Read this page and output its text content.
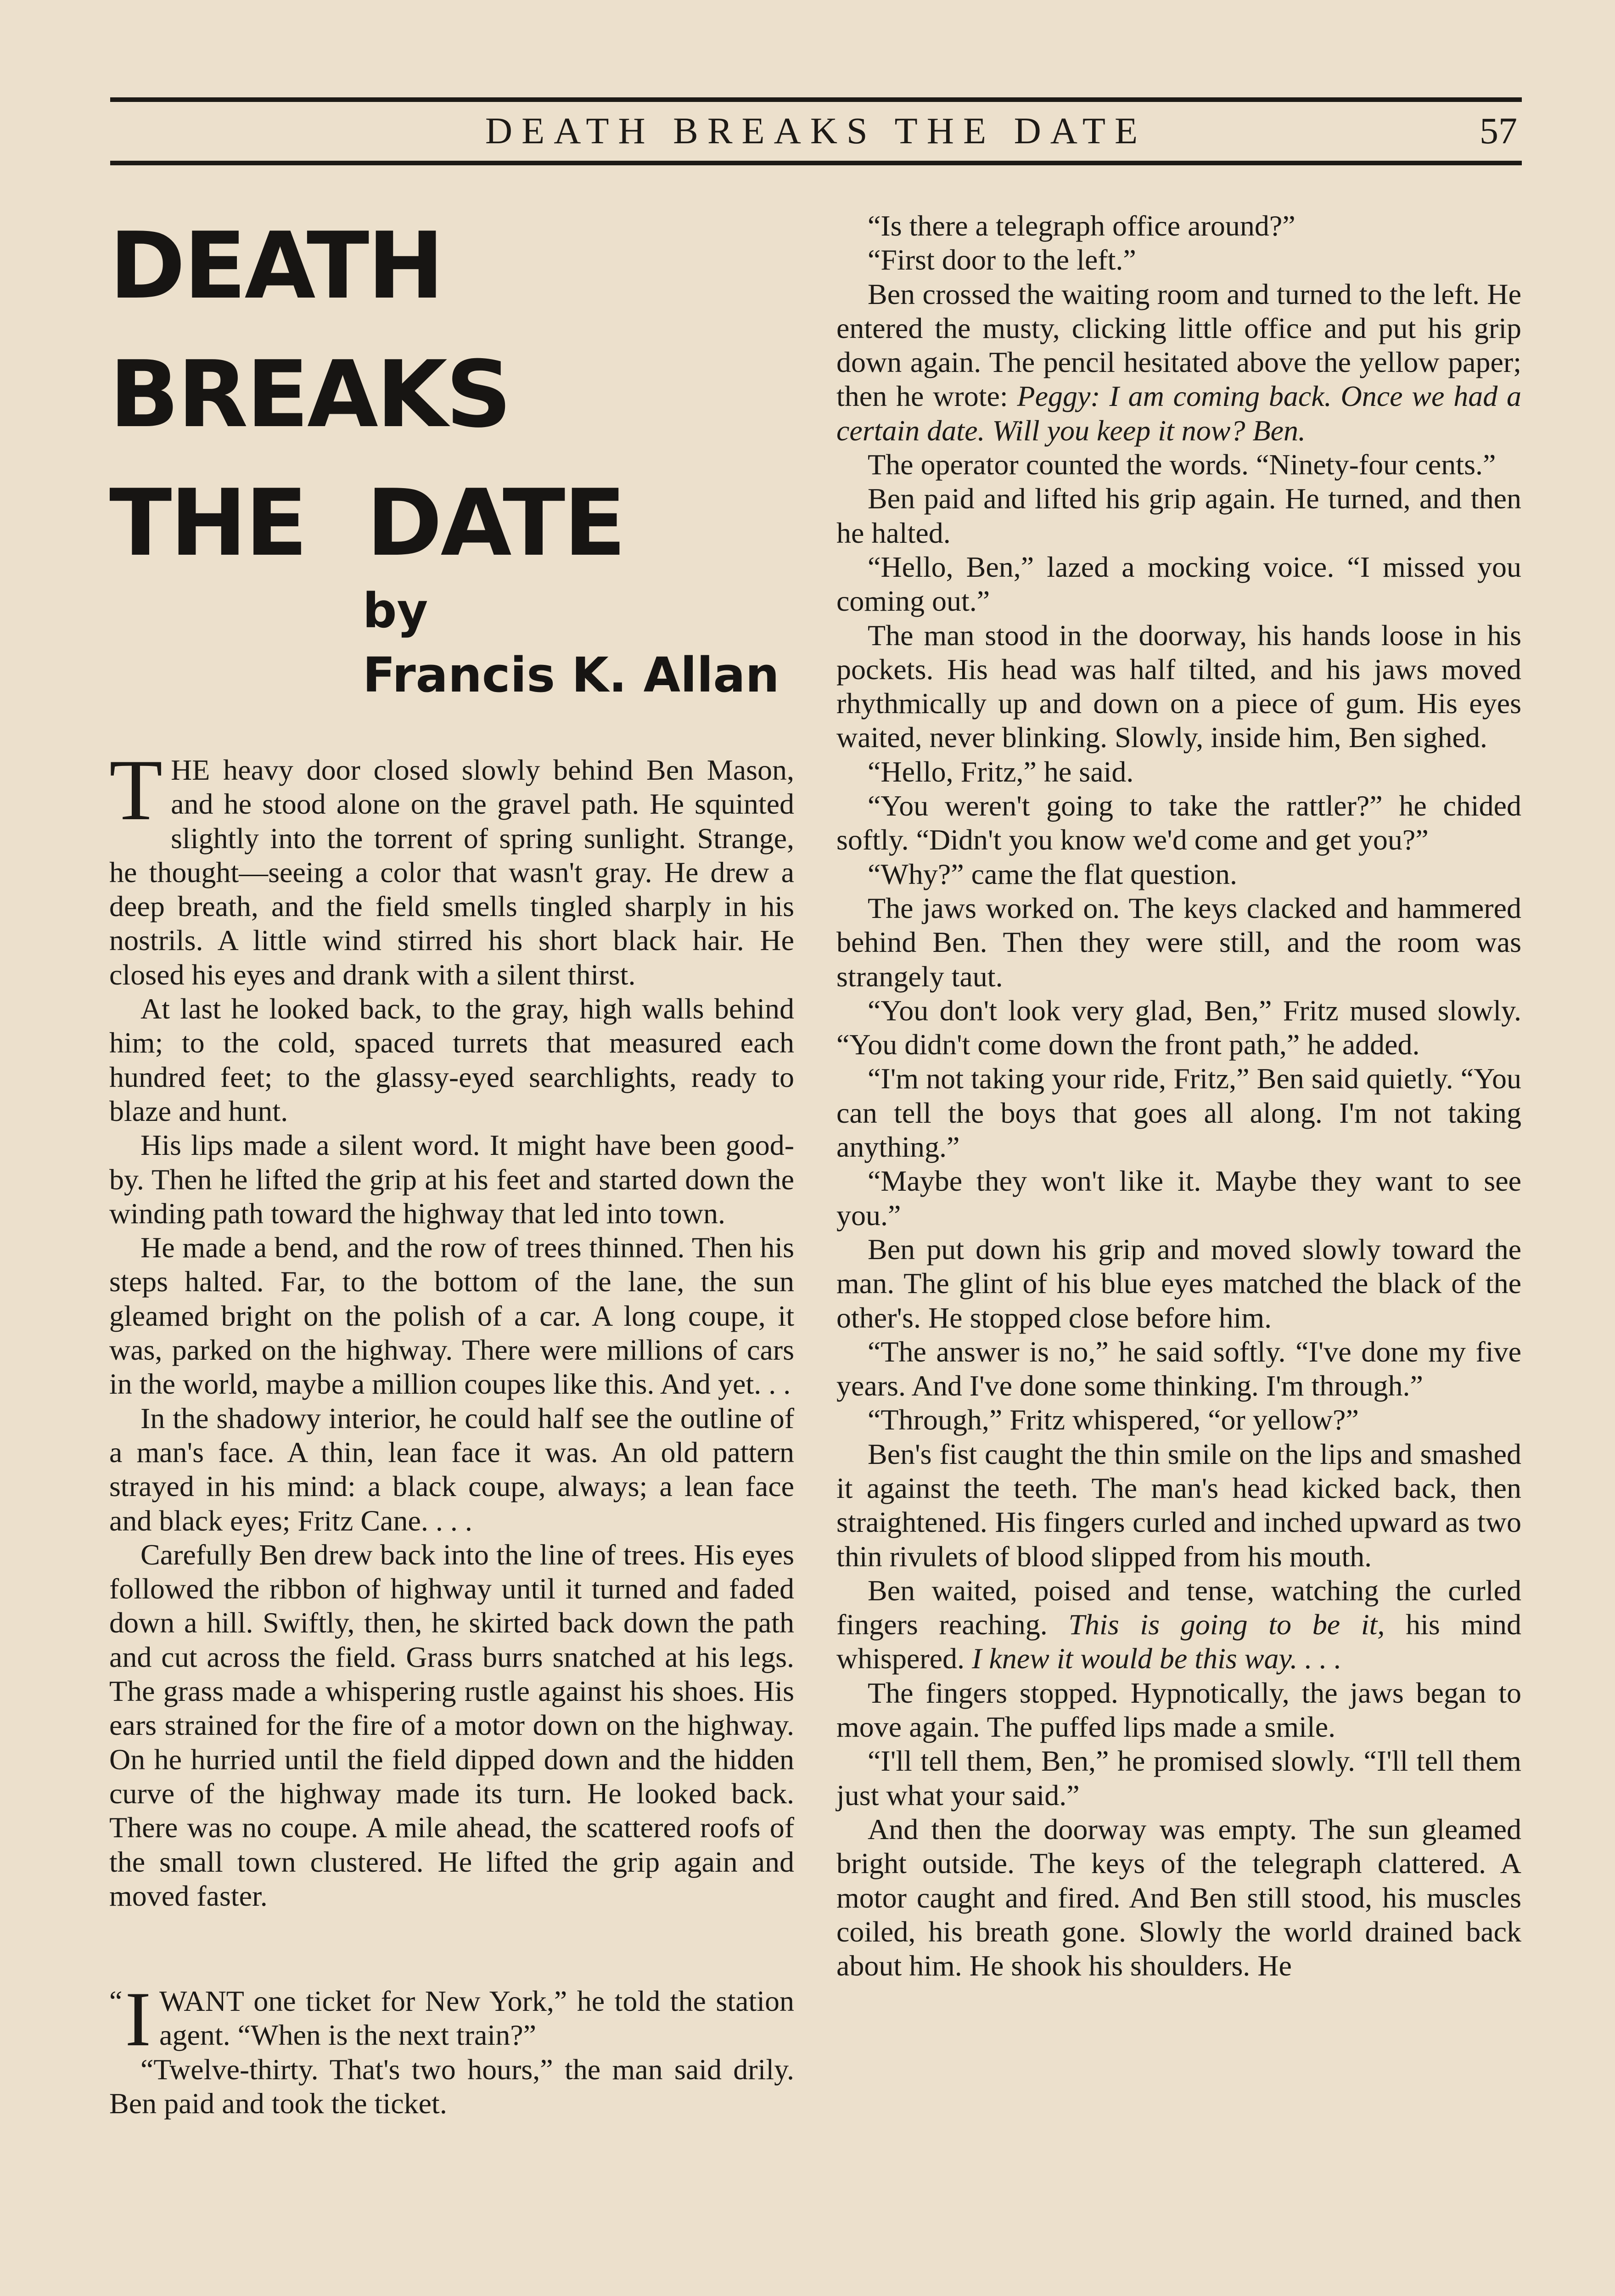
DEATH BREAKS THE DATE	57
DEATH
BREAKS
THE  DATE
by
Francis K. Allan
T HE heavy door closed slowly behind Ben Mason, and he stood alone on the gravel path. He squinted slightly into the torrent of spring sunlight. Strange, he thought—seeing a color that wasn't gray. He drew a deep breath, and the field smells tingled sharply in his nostrils. A little wind stirred his short black hair. He closed his eyes and drank with a silent thirst.

At last he looked back, to the gray, high walls behind him; to the cold, spaced turrets that measured each hundred feet; to the glassy-eyed searchlights, ready to blaze and hunt.

His lips made a silent word. It might have been good-by. Then he lifted the grip at his feet and started down the winding path toward the highway that led into town.

He made a bend, and the row of trees thinned. Then his steps halted. Far, to the bottom of the lane, the sun gleamed bright on the polish of a car. A long coupe, it was, parked on the highway. There were millions of cars in the world, maybe a million coupes like this. And yet. . .

In the shadowy interior, he could half see the outline of a man's face. A thin, lean face it was. An old pattern strayed in his mind: a black coupe, always; a lean face and black eyes; Fritz Cane. . . .

Carefully Ben drew back into the line of trees. His eyes followed the ribbon of highway until it turned and faded down a hill. Swiftly, then, he skirted back down the path and cut across the field. Grass burrs snatched at his legs. The grass made a whispering rustle against his shoes. His ears strained for the fire of a motor down on the highway. On he hurried until the field dipped down and the hidden curve of the highway made its turn. He looked back. There was no coupe. A mile ahead, the scattered roofs of the small town clustered. He lifted the grip again and moved faster.

“ I WANT one ticket for New York,” he told the station agent. “When is the next train?”

“Twelve-thirty. That's two hours,” the man said drily. Ben paid and took the ticket.

“Is there a telegraph office around?”

“First door to the left.”

Ben crossed the waiting room and turned to the left. He entered the musty, clicking little office and put his grip down again. The pencil hesitated above the yellow paper; then he wrote: Peggy: I am coming back. Once we had a certain date. Will you keep it now? Ben.

The operator counted the words. “Ninety-four cents.”

Ben paid and lifted his grip again. He turned, and then he halted.

“Hello, Ben,” lazed a mocking voice. “I missed you coming out.”

The man stood in the doorway, his hands loose in his pockets. His head was half tilted, and his jaws moved rhythmically up and down on a piece of gum. His eyes waited, never blinking. Slowly, inside him, Ben sighed.

“Hello, Fritz,” he said.

“You weren't going to take the rattler?” he chided softly. “Didn't you know we'd come and get you?”

“Why?” came the flat question.

The jaws worked on. The keys clacked and hammered behind Ben. Then they were still, and the room was strangely taut.

“You don't look very glad, Ben,” Fritz mused slowly. “You didn't come down the front path,” he added.

“I'm not taking your ride, Fritz,” Ben said quietly. “You can tell the boys that goes all along. I'm not taking anything.”

“Maybe they won't like it. Maybe they want to see you.”

Ben put down his grip and moved slowly toward the man. The glint of his blue eyes matched the black of the other's. He stopped close before him.

“The answer is no,” he said softly. “I've done my five years. And I've done some thinking. I'm through.”

“Through,” Fritz whispered, “or yellow?”

Ben's fist caught the thin smile on the lips and smashed it against the teeth. The man's head kicked back, then straightened. His fingers curled and inched upward as two thin rivulets of blood slipped from his mouth.

Ben waited, poised and tense, watching the curled fingers reaching. This is going to be it, his mind whispered. I knew it would be this way. . . .

The fingers stopped. Hypnotically, the jaws began to move again. The puffed lips made a smile.

“I'll tell them, Ben,” he promised slowly. “I'll tell them just what your said.”

And then the doorway was empty. The sun gleamed bright outside. The keys of the telegraph clattered. A motor caught and fired. And Ben still stood, his muscles coiled, his breath gone. Slowly the world drained back about him. He shook his shoulders. He
